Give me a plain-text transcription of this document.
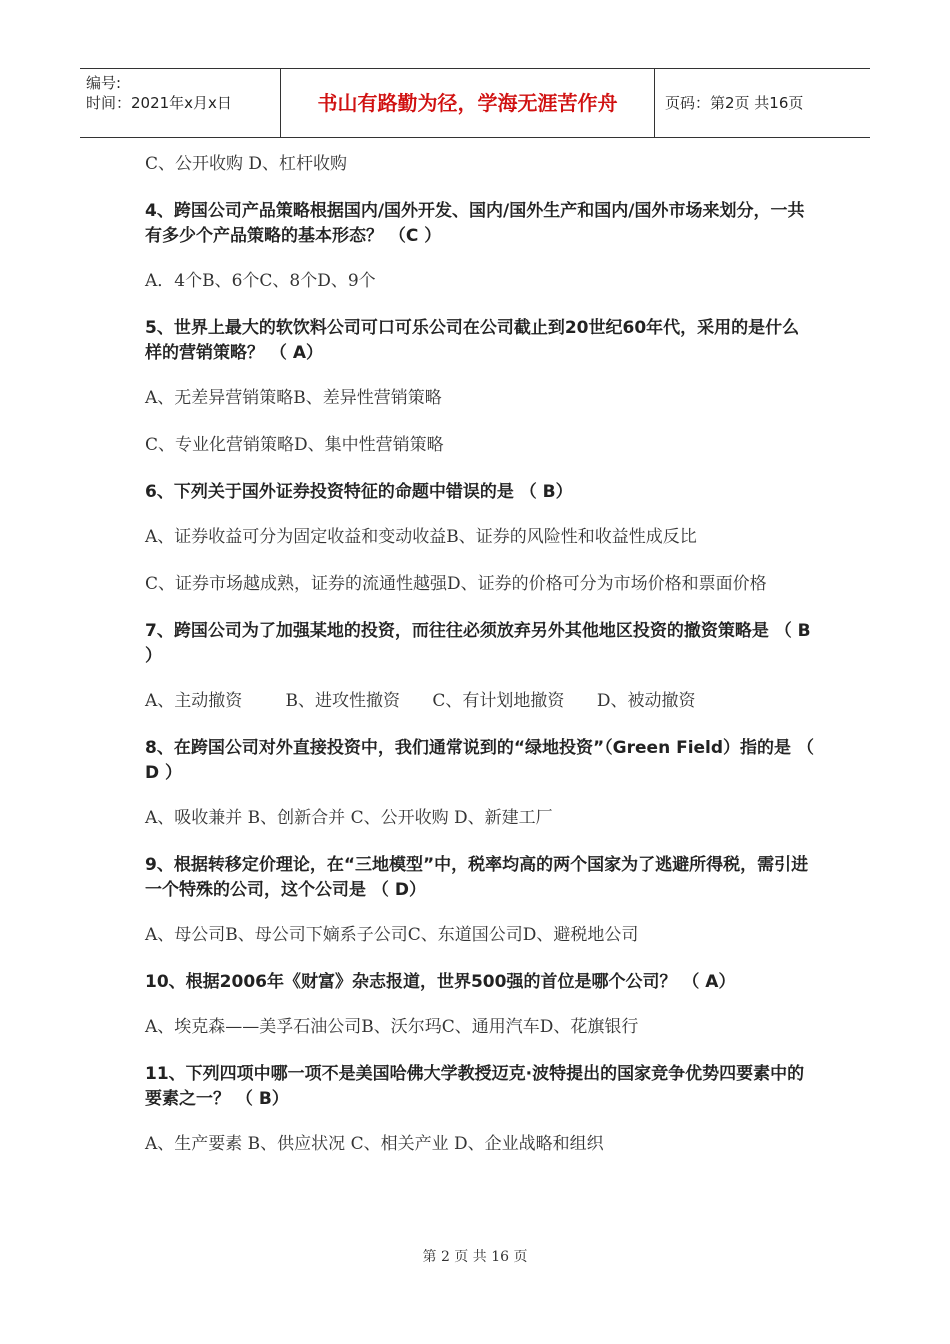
编号:
时间：2021年x月x日	书山有路勤为径，学海无涯苦作舟	页码：第2页 共16页

C、公开收购 D、杠杆收购

4、跨国公司产品策略根据国内/国外开发、国内/国外生产和国内/国外市场来划分，一共有多少个产品策略的基本形态？ （C ）

A．4个B、6个C、8个D、9个

5、世界上最大的软饮料公司可口可乐公司在公司截止到20世纪60年代，采用的是什么样的营销策略？ （ A）

A、无差异营销策略B、差异性营销策略

C、专业化营销策略D、集中性营销策略

6、下列关于国外证券投资特征的命题中错误的是 （ B）

A、证券收益可分为固定收益和变动收益B、证券的风险性和收益性成反比

C、证券市场越成熟，证券的流通性越强D、证券的价格可分为市场价格和票面价格

7、跨国公司为了加强某地的投资，而往往必须放弃另外其他地区投资的撤资策略是 （ B ）

A、主动撤资        B、进攻性撤资      C、有计划地撤资      D、被动撤资

8、在跨国公司对外直接投资中，我们通常说到的“绿地投资”（Green Field）指的是 （ D ）

A、吸收兼并 B、创新合并 C、公开收购 D、新建工厂

9、根据转移定价理论，在“三地模型”中，税率均高的两个国家为了逃避所得税，需引进一个特殊的公司，这个公司是 （ D）

A、母公司B、母公司下嫡系子公司C、东道国公司D、避税地公司

10、根据2006年《财富》杂志报道，世界500强的首位是哪个公司？ （ A）

A、埃克森——美孚石油公司B、沃尔玛C、通用汽车D、花旗银行

11、下列四项中哪一项不是美国哈佛大学教授迈克·波特提出的国家竞争优势四要素中的要素之一？ （ B）

A、生产要素 B、供应状况 C、相关产业 D、企业战略和组织

第 2 页 共 16 页
